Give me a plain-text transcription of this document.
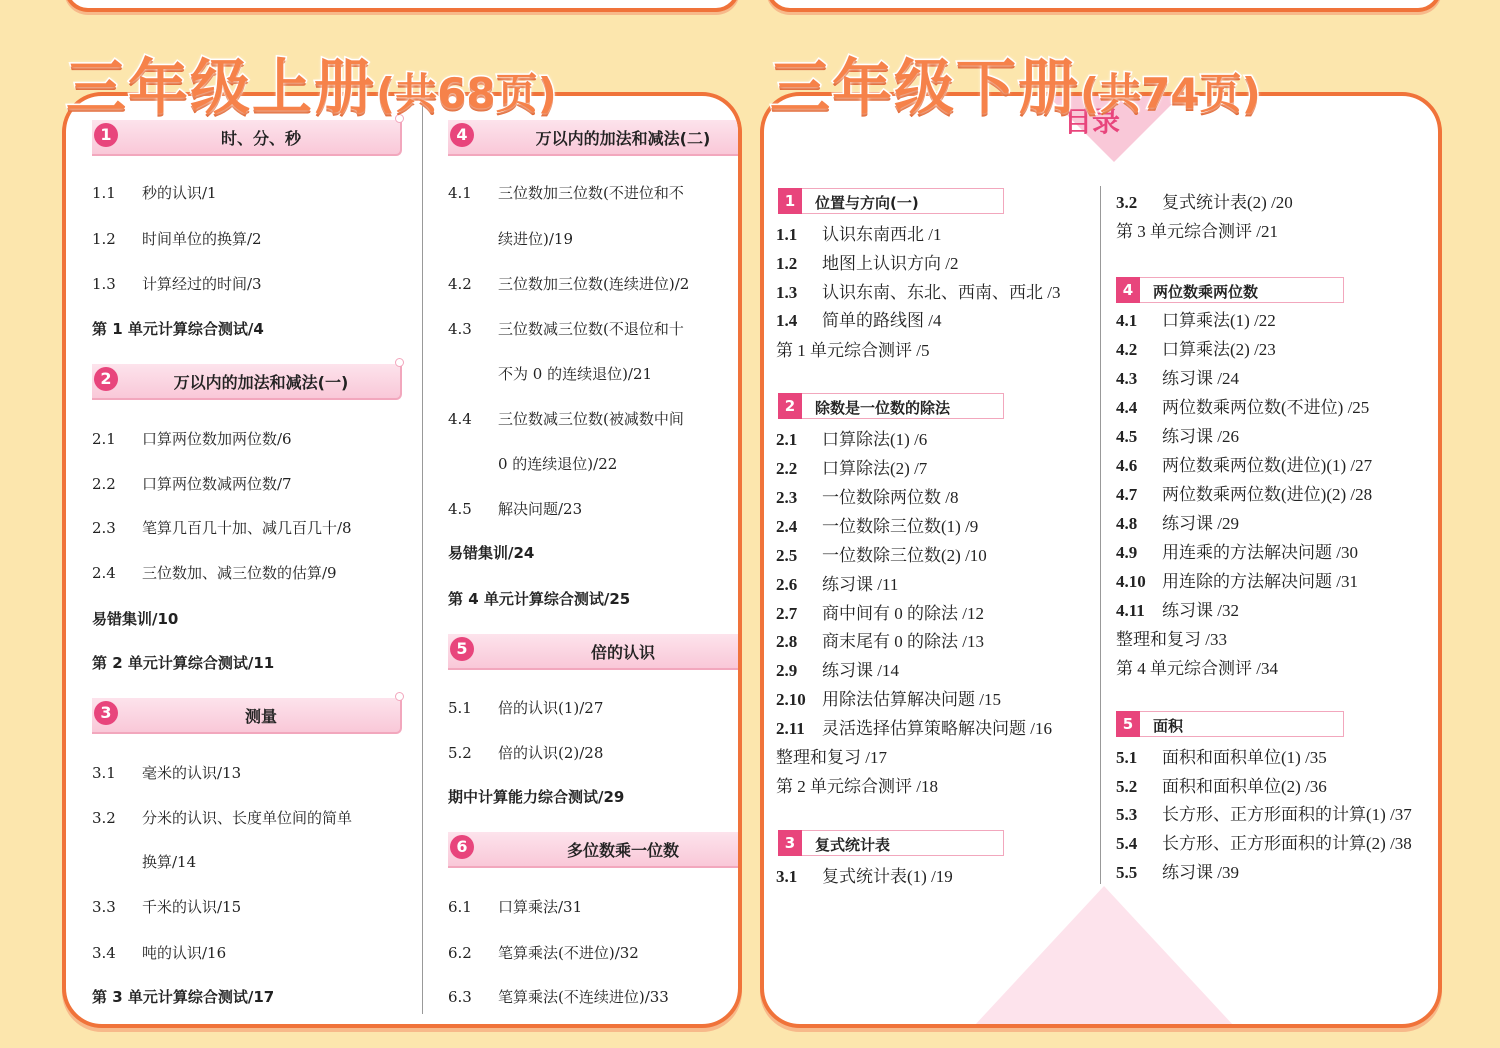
1	时、分、秒
2	万以内的加法和减法(一)
3	测量
1.1 秒的认识/1
1.2 时间单位的换算/2
1.3 计算经过的时间/3
第 1 单元计算综合测试/4
2.1 口算两位数加两位数/6
2.2 口算两位数减两位数/7
2.3 笔算几百几十加、减几百几十/8
2.4 三位数加、减三位数的估算/9
易错集训/10
第 2 单元计算综合测试/11
3.1 毫米的认识/13
3.2 分米的认识、长度单位间的简单
换算/14
3.3 千米的认识/15
3.4 吨的认识/16
第 3 单元计算综合测试/17
4	万以内的加法和减法(二)
5	倍的认识
6	多位数乘一位数
4.1 三位数加三位数(不进位和不
续进位)/19
4.2 三位数加三位数(连续进位)/2
4.3 三位数减三位数(不退位和十
不为 0 的连续退位)/21
4.4 三位数减三位数(被减数中间
0 的连续退位)/22
4.5 解决问题/23
易错集训/24
第 4 单元计算综合测试/25
5.1 倍的认识(1)/27
5.2 倍的认识(2)/28
期中计算能力综合测试/29
6.1 口算乘法/31
6.2 笔算乘法(不进位)/32
6.3 笔算乘法(不连续进位)/33
目录
1	位置与方向(一)
2	除数是一位数的除法
3	复式统计表
1.1 认识东南西北 /1
1.2 地图上认识方向 /2
1.3 认识东南、东北、西南、西北 /3
1.4 简单的路线图 /4
第 1 单元综合测评 /5
2.1 口算除法(1) /6
2.2 口算除法(2) /7
2.3 一位数除两位数 /8
2.4 一位数除三位数(1) /9
2.5 一位数除三位数(2) /10
2.6 练习课 /11
2.7 商中间有 0 的除法 /12
2.8 商末尾有 0 的除法 /13
2.9 练习课 /14
2.10 用除法估算解决问题 /15
2.11 灵活选择估算策略解决问题 /16
整理和复习 /17
第 2 单元综合测评 /18
3.1 复式统计表(1) /19
4	两位数乘两位数
5	面积
3.2 复式统计表(2) /20
第 3 单元综合测评 /21
4.1 口算乘法(1) /22
4.2 口算乘法(2) /23
4.3 练习课 /24
4.4 两位数乘两位数(不进位) /25
4.5 练习课 /26
4.6 两位数乘两位数(进位)(1) /27
4.7 两位数乘两位数(进位)(2) /28
4.8 练习课 /29
4.9 用连乘的方法解决问题 /30
4.10 用连除的方法解决问题 /31
4.11 练习课 /32
整理和复习 /33
第 4 单元综合测评 /34
5.1 面积和面积单位(1) /35
5.2 面积和面积单位(2) /36
5.3 长方形、正方形面积的计算(1) /37
5.4 长方形、正方形面积的计算(2) /38
5.5 练习课 /39
三年级上册(共68页)	三年级下册(共74页)
